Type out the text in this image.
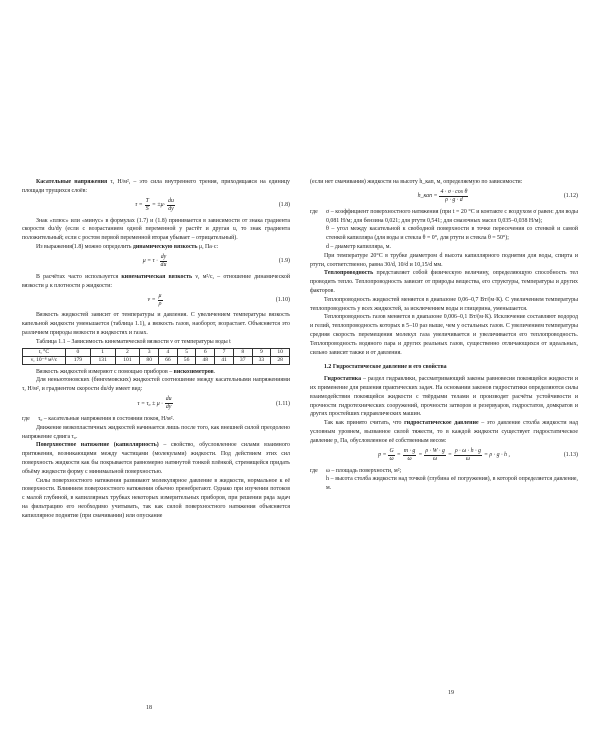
Касательные напряжения τ, Н/м², – это сила внутреннего трения, приходящаяся на единицу площади трущихся слоёв:

$\tau = \frac{T}{S} = \pm\mu\cdot \frac{du}{dy}$	(1.8)

Знак «плюс» или «минус» в формулах (1.7) и (1.8) принимается в зависимости от знака градиента скорости du/dy (если с возрастанием одной переменной y растёт и другая u, то знак градиента положительный; если с ростом первой переменной вторая убывает – отрицательный).

Из выражения(1.8) можно определить динамическую вязкость μ, Па·с:

$\mu = \tau \cdot \frac{dy}{du}$	(1.9)

В расчётах часто используется кинематическая вязкость ν, м²/с, – отношение динамической вязкости μ к плотности ρ жидкости:

$\nu = \frac{\mu}{\rho}$	(1.10)

Вязкость жидкостей зависит от температуры и давления. С увеличением температуры вязкость капельной жидкости уменьшается (таблица 1.1), а вязкость газов, наоборот, возрастает. Объясняется это различием природы вязкости в жидкостях и газах.

Таблица 1.1 – Зависимость кинематической вязкости ν от температуры воды t

t, °C	0	1	2	3	4	5	6	7	8	9	10
ν, 10⁻⁸ м²/с	179	131	101	80	66	56	48	41	37	33	28

Вязкость жидкостей измеряют с помощью приборов – вискозиметров.

Для неньютоновских (бингемовских) жидкостей соотношение между касательными напряжениями τ, Н/м², и градиентом скорости du/dy имеет вид:

$\tau = \tau_0 \pm \mu \cdot \frac{du}{dy}$	(1.11)
где	τ₀ – касательные напряжения в состоянии покоя, Н/м².

Движение вязкопластичных жидкостей начинается лишь после того, как внешней силой преодолено напряжение сдвига τ₀.

Поверхностное натяжение (капиллярность) – свойство, обусловленное силами взаимного притяжения, возникающими между частицами (молекулами) жидкости. Под действием этих сил поверхность жидкости как бы покрывается равномерно натянутой тонкой плёнкой, стремящейся придать объёму жидкости форму с минимальной поверхностью.

Силы поверхностного натяжения развивают молекулярное давление в жидкости, нормальное к её поверхности. Влиянием поверхностного натяжения обычно пренебрегают. Однако при изучении потоков с малой глубиной, в капиллярных трубках некоторых измерительных приборов, при решении ряда задач на фильтрацию его необходимо учитывать, так как силой поверхностного натяжения объясняется капиллярное поднятие (при смачивании) или опускание

18

(если нет смачивания) жидкости на высоту h_кап, м, определяемую по зависимости:

h_кап = $\frac{\text{4 · σ · cos θ}}{\rho \cdot g \cdot d}$	(1.12)
где	σ – коэффициент поверхностного натяжения (при t = 20 °С и контакте с воздухом σ равен: для воды 0,081 Н/м; для бензина 0,021; для ртути 0,541; для смазочных масел 0,035–0,038 Н/м);
θ – угол между касательной к свободной поверхности в точке пересечения со стенкой и самой стенкой капилляра (для воды и стекла θ = 0°, для ртути и стекла θ = 50°);
d – диаметр капилляра, м.

При температуре 20°С в трубке диаметром d высота капиллярного поднятия для воды, спирта и ртути, соответственно, равна 30/d, 10/d и 10,15/d мм.

Теплопроводность представляет собой физическую величину, определяющую способность тел проводить тепло. Теплопроводность зависит от природы вещества, его структуры, температуры и других факторов.

Теплопроводность жидкостей меняется в диапазоне 0,06–0,7 Вт/(м·К). С увеличением температуры теплопроводность у всех жидкостей, за исключением воды и глицерина, уменьшается.

Теплопроводность газов меняется в диапазоне 0,006–0,1 Вт/(м·К). Исключение составляют водород и гелий, теплопроводность которых в 5–10 раз выше, чем у остальных газов. С увеличением температуры средняя скорость перемещения молекул газа увеличивается и увеличивается его теплопроводность. Теплопроводность водяного пара и других реальных газов, существенно отличающихся от идеальных, сильно зависит также и от давления.

1.2 Гидростатическое давление и его свойства

Гидростатика – раздел гидравлики, рассматривающий законы равновесия покоящейся жидкости и их применение для решения практических задач. На основании законов гидростатики определяются силы взаимодействия покоящейся жидкости с твёрдыми телами и производят расчёты устойчивости и прочности гидротехнических сооружений, прочности затворов и резервуаров, гидростатов, домкратов и других простейших гидравлических машин.

Так как принято считать, что гидростатическое давление – это давление столба жидкости над условным уровнем, вызванное силой тяжести, то в каждой жидкости существует гидростатическое давление p, Па, обусловленное её собственным весом:

$p = \frac{G}{\omega} = \frac{m \cdot g}{\omega} = \frac{\rho \cdot W \cdot g}{\omega} = \frac{\rho \cdot \omega \cdot h \cdot g}{\omega} = \rho \cdot g \cdot h$ ,	(1.13)
где	ω – площадь поверхности, м²;
h – высота столба жидкости над точкой (глубина её погружения), в которой определяется давление, м.
19
